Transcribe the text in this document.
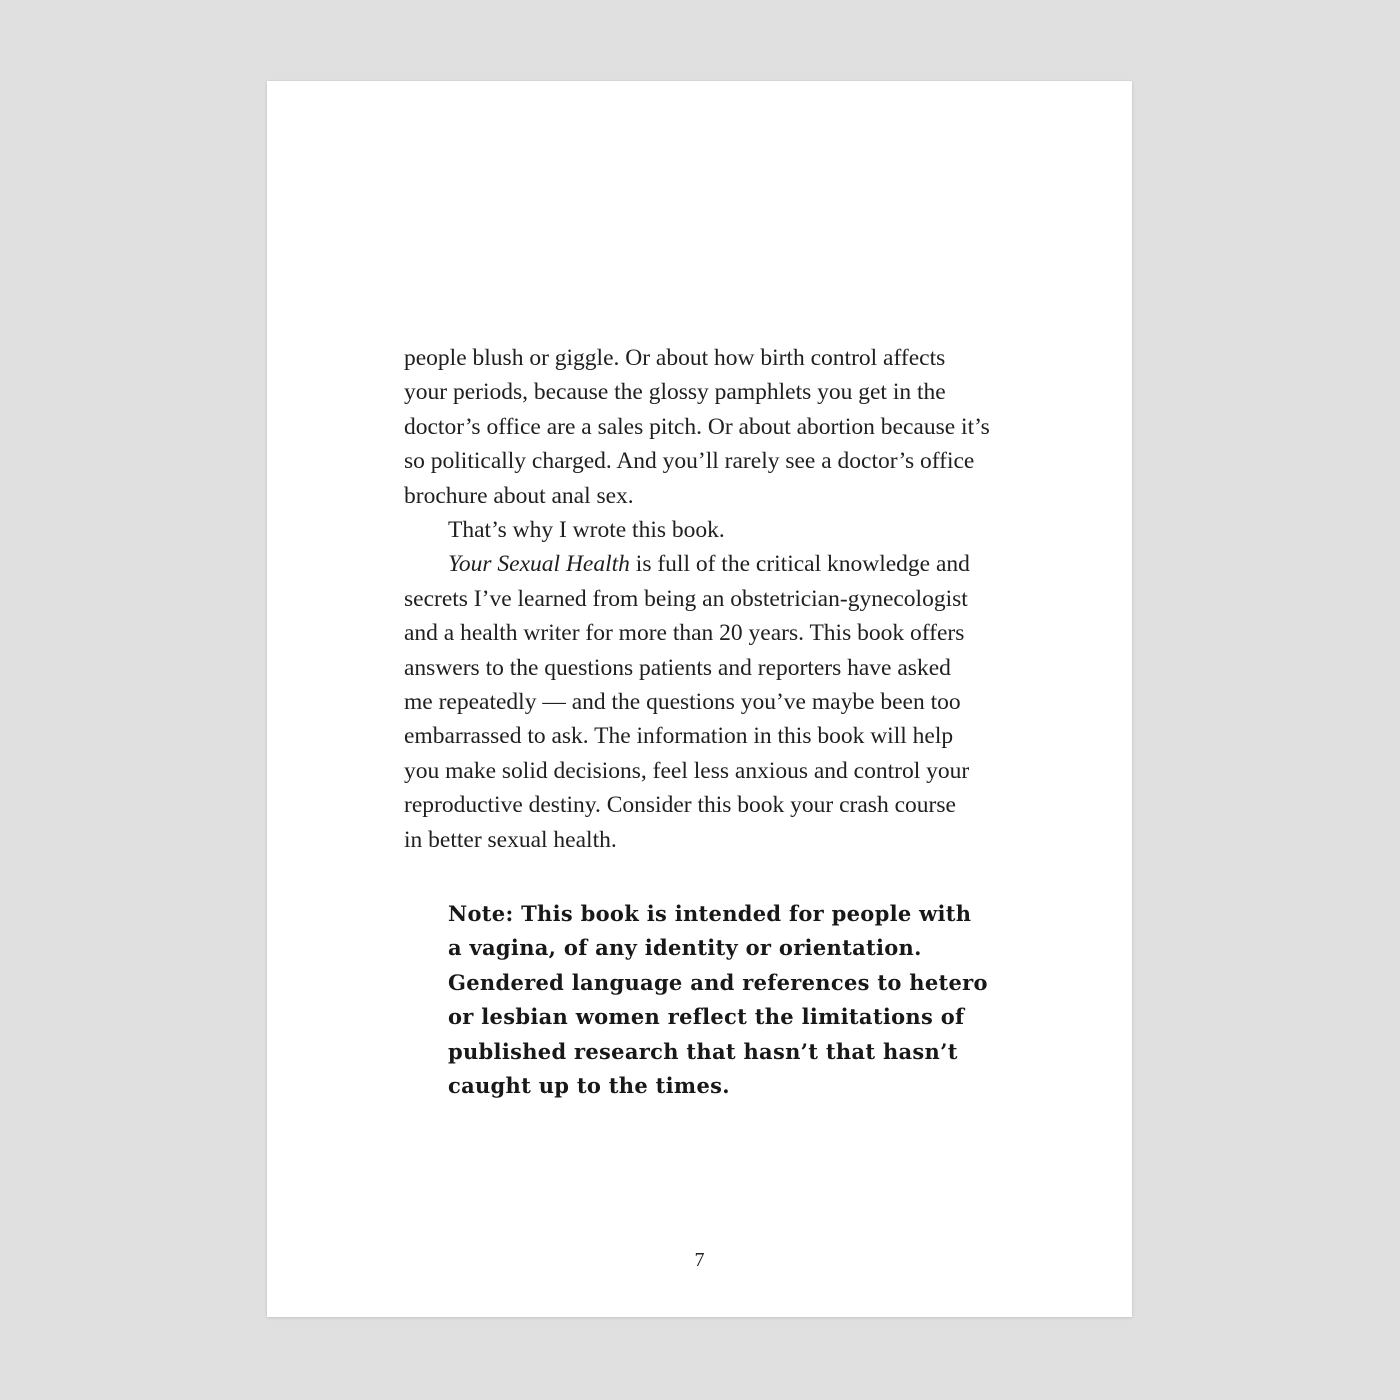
people blush or giggle. Or about how birth control affects
your periods, because the glossy pamphlets you get in the
doctor’s office are a sales pitch. Or about abortion because it’s
so politically charged. And you’ll rarely see a doctor’s office
brochure about anal sex.
That’s why I wrote this book.
Your Sexual Health is full of the critical knowledge and
secrets I’ve learned from being an obstetrician-gynecologist
and a health writer for more than 20 years. This book offers
answers to the questions patients and reporters have asked
me repeatedly — and the questions you’ve maybe been too
embarrassed to ask. The information in this book will help
you make solid decisions, feel less anxious and control your
reproductive destiny. Consider this book your crash course
in better sexual health.
Note: This book is intended for people with
a vagina, of any identity or orientation.
Gendered language and references to hetero
or lesbian women reflect the limitations of
published research that hasn’t that hasn’t
caught up to the times.
7
